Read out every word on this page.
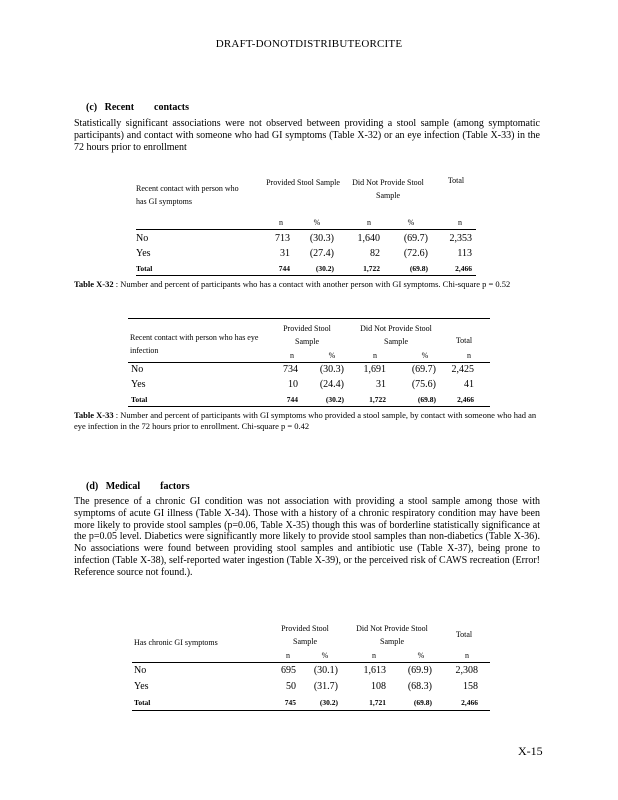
DRAFT-DONOTDISTRIBUTEORCITE
(c)   Recent        contacts
Statistically significant associations were not observed between providing a stool sample (among symptomatic participants) and contact with someone who had GI symptoms (Table X-32) or an eye infection (Table X-33) in the 72 hours prior to enrollment
Recent contact with person who has GI symptoms
Provided Stool Sample	Did Not Provide Stool Sample
Total
n	%	n	%	n
No	713	(30.3)	1,640	(69.7)	2,353
Yes	31	(27.4)	82	(72.6)	113
Total	744	(30.2)	1,722	(69.8)	2,466
Table X-32 : Number and percent of participants who has a contact with another person with GI symptoms. Chi-square p = 0.52
Recent contact with person who has eye infection
Provided Stool Sample
Did Not Provide Stool Sample	Total
n	%	n	%	n
No	734	(30.3)	1,691	(69.7)	2,425
Yes	10	(24.4)	31	(75.6)	41
Total	744	(30.2)	1,722	(69.8)	2,466
Table X-33 : Number and percent of participants with GI symptoms who provided a stool sample, by contact with someone who had an eye infection in the 72 hours prior to enrollment. Chi-square p = 0.42
(d)   Medical        factors
The presence of a chronic GI condition was not association with providing a stool sample among those with symptoms of acute GI illness (Table X-34). Those with a history of a chronic respiratory condition may have been more likely to provide stool samples (p=0.06, Table X-35) though this was of borderline statistically significance at the p=0.05 level. Diabetics were significantly more likely to provide stool samples than non-diabetics (Table X-36). No associations were found between providing stool samples and antibiotic use (Table X-37), being prone to infection (Table X-38), self-reported water ingestion (Table X-39), or the perceived risk of CAWS recreation (Error! Reference source not found.).
Has chronic GI symptoms
Provided Stool Sample
Did Not Provide Stool Sample
Total
n	%	n	%	n
No	695	(30.1)	1,613	(69.9)	2,308
Yes	50	(31.7)	108	(68.3)	158
Total	745	(30.2)	1,721	(69.8)	2,466
X-15
